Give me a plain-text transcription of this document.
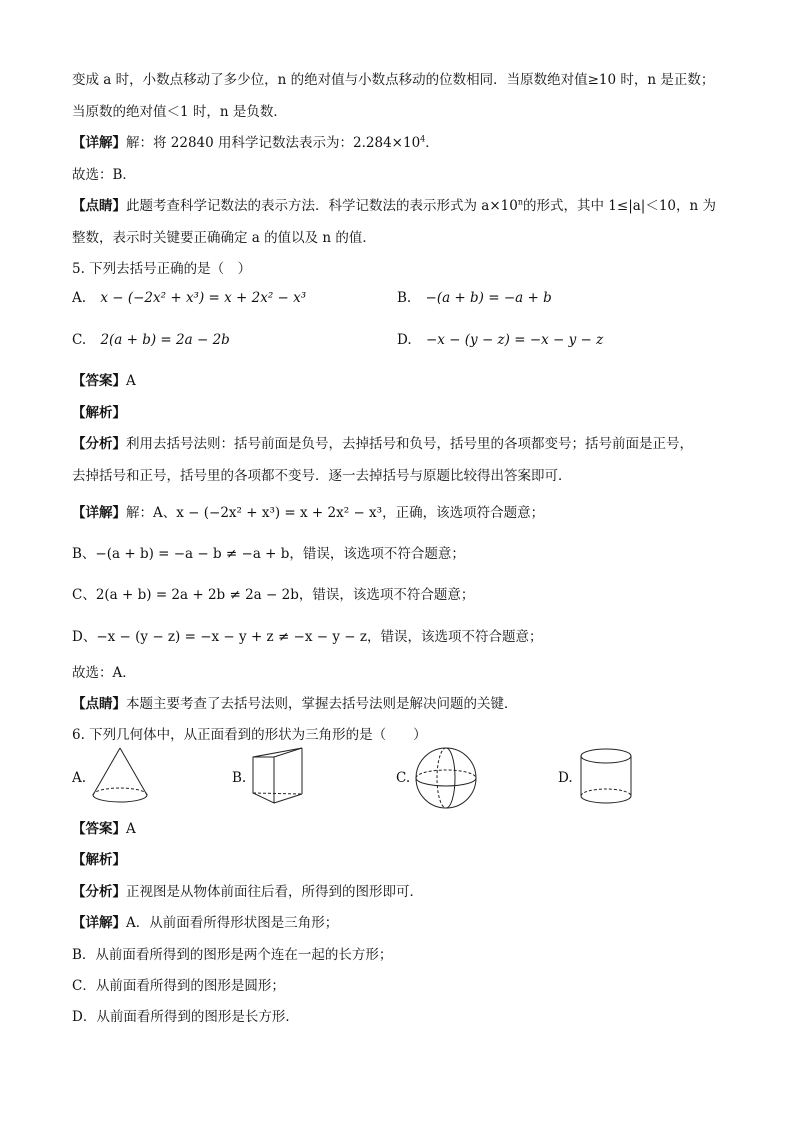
变成 a 时，小数点移动了多少位，n 的绝对值与小数点移动的位数相同．当原数绝对值≥10 时，n 是正数；
当原数的绝对值＜1 时，n 是负数．
【详解】解：将 22840 用科学记数法表示为：$2.284\times 10^4$．
故选：B．
【点睛】此题考查科学记数法的表示方法．科学记数法的表示形式为 $a\times 10^n$的形式，其中 1≤|a|＜10，n 为
整数，表示时关键要正确确定 a 的值以及 n 的值．
5. 下列去括号正确的是（　）
A. x − (−2x² + x³) = x + 2x² − x³	B. −(a + b) = −a + b
C. 2(a + b) = 2a − 2b	D. −x − (y − z) = −x − y − z
【答案】A
【解析】
【分析】利用去括号法则：括号前面是负号，去掉括号和负号，括号里的各项都变号；括号前面是正号，
去掉括号和正号，括号里的各项都不变号．逐一去掉括号与原题比较得出答案即可．
【详解】解：A、x − (−2x² + x³) = x + 2x² − x³，正确，该选项符合题意；
B、−(a + b) = −a − b ≠ −a + b，错误，该选项不符合题意；
C、2(a + b) = 2a + 2b ≠ 2a − 2b，错误，该选项不符合题意；
D、−x − (y − z) = −x − y + z ≠ −x − y − z，错误，该选项不符合题意；
故选：A．
【点睛】本题主要考查了去括号法则，掌握去括号法则是解决问题的关键．
6. 下列几何体中，从正面看到的形状为三角形的是（　　）
A.	B.	C.	D.
【答案】A
【解析】
【分析】正视图是从物体前面往后看，所得到的图形即可．
【详解】A．从前面看所得形状图是三角形；
B．从前面看所得到的图形是两个连在一起的长方形；
C．从前面看所得到的图形是圆形；
D．从前面看所得到的图形是长方形．
